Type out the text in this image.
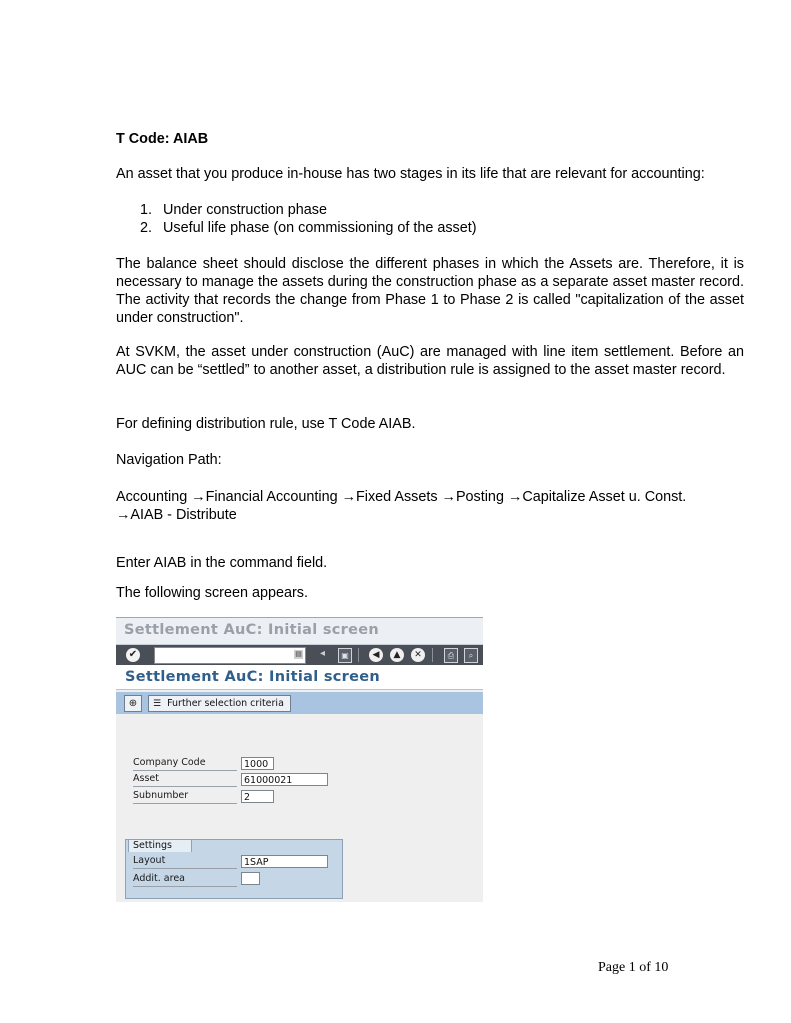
T Code: AIAB
An asset that you produce in-house has two stages in its life that are relevant for accounting:
1. Under construction phase
2. Useful life phase (on commissioning of the asset)
The balance sheet should disclose the different phases in which the Assets are. Therefore, it is necessary to manage the assets during the construction phase as a separate asset master record. The activity that records the change from Phase 1 to Phase 2 is called "capitalization of the asset under construction".
At SVKM, the asset under construction (AuC) are managed with line item settlement. Before an AUC can be “settled” to another asset, a distribution rule is assigned to the asset master record.
For defining distribution rule, use T Code AIAB.
Navigation Path:
Accounting →Financial Accounting →Fixed Assets →Posting →Capitalize Asset u. Const.
→AIAB - Distribute
Enter AIAB in the command field.
The following screen appears.
Settlement AuC: Initial screen
✔	▤ ◂	▣	◀	▲	✕	⎙	⌕
Settlement AuC: Initial screen
⊕	☰ Further selection criteria
Company Code	1000
Asset	61000021
Subnumber	2
Settings
Layout	1SAP
Addit. area
Page 1 of 10
